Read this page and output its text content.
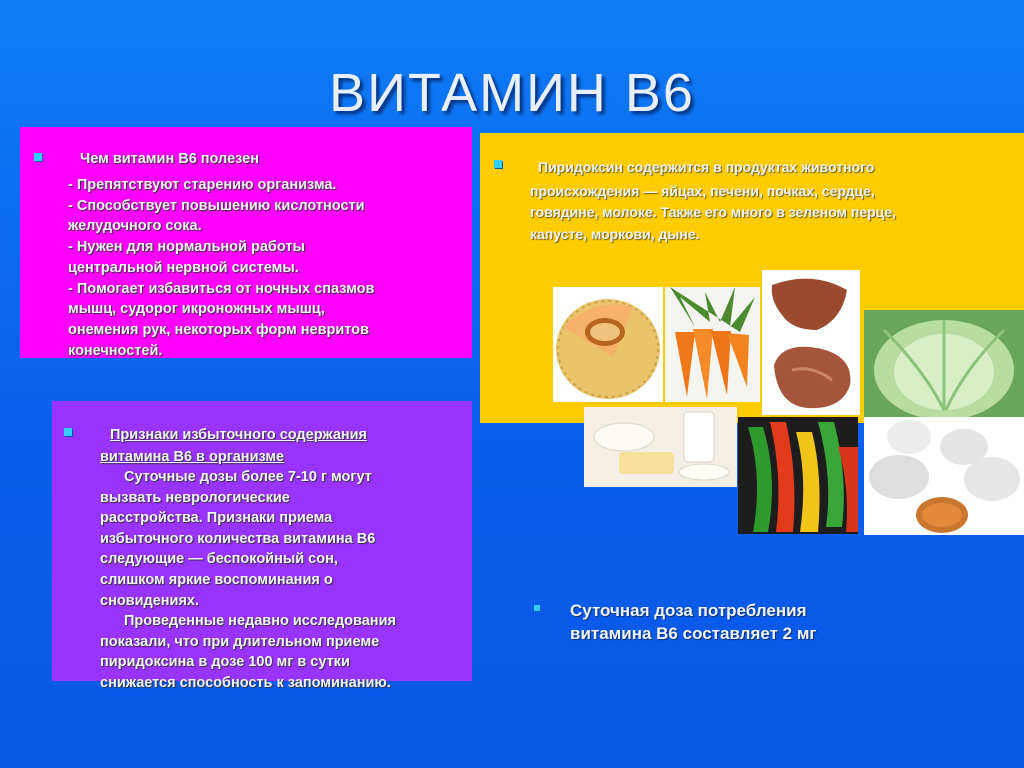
ВИТАМИН В6
Чем витамин В6 полезен
- Препятствуют старению организма.
- Способствует повышению кислотности
желудочного сока.
- Нужен для нормальной работы
центральной нервной системы.
- Помогает избавиться от ночных спазмов
мышц, судорог икроножных мышц,
онемения рук, некоторых форм невритов
конечностей.
Пиридоксин содержится в продуктах животного
происхождения — яйцах, печени, почках, сердце,
говядине, молоке. Также его много в зеленом перце,
капусте, моркови, дыне.
Признаки избыточного содержания
витамина В6 в организме
Суточные дозы более 7-10 г могут
вызвать неврологические
расстройства. Признаки приема
избыточного количества витамина В6
следующие — беспокойный сон,
слишком яркие воспоминания о
сновидениях.
Проведенные недавно исследования
показали, что при длительном приеме
пиридоксина в дозе 100 мг в сутки
снижается способность к запоминанию.
Суточная доза потребления
витамина В6 составляет 2 мг
